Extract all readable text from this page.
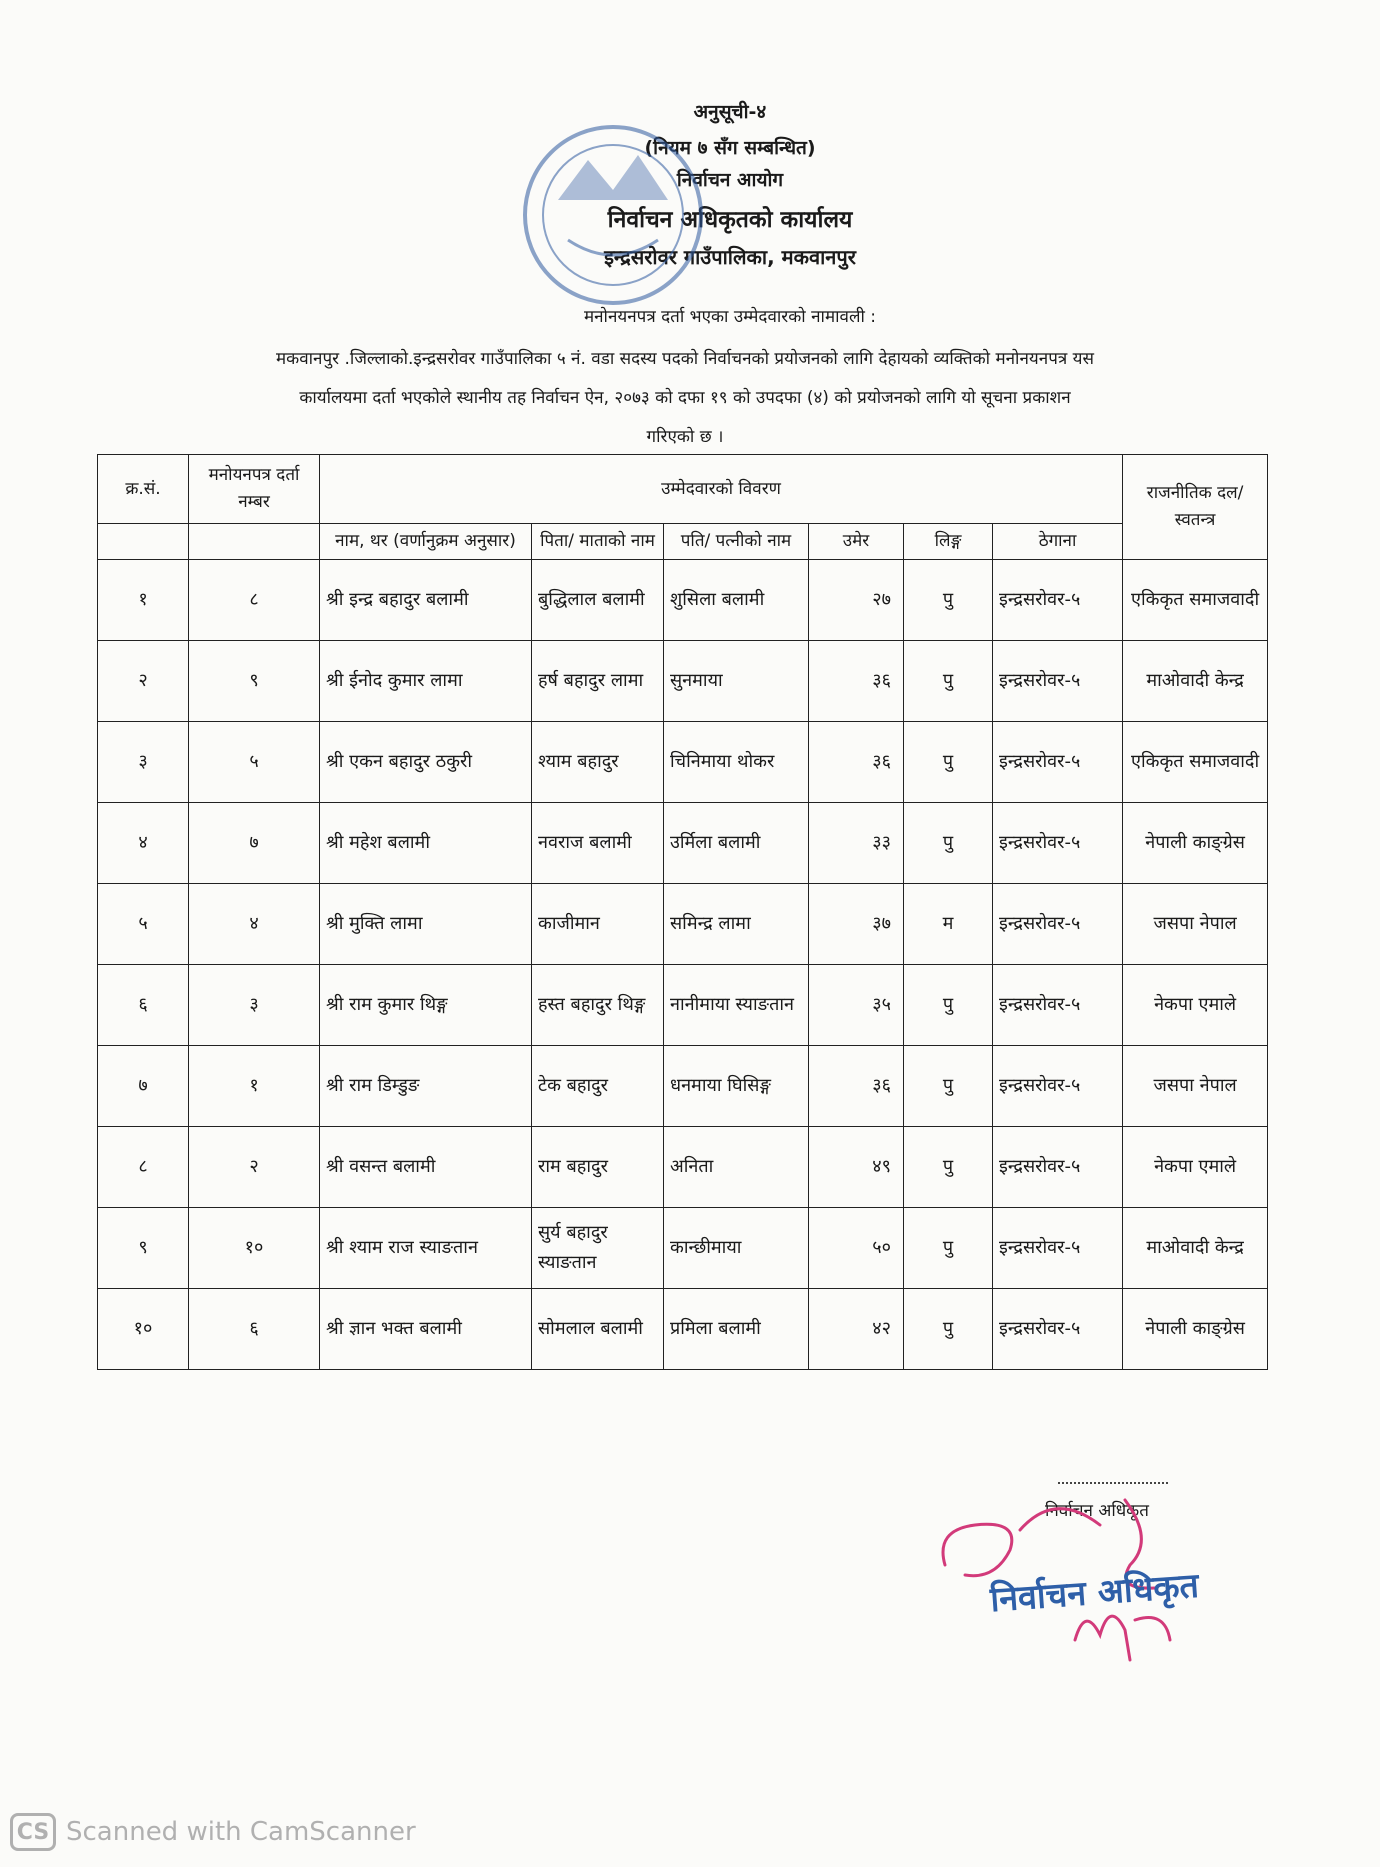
अनुसूची-४
(नियम ७ सँग सम्बन्धित)
निर्वाचन आयोग
निर्वाचन अधिकृतको कार्यालय
इन्द्रसरोवर गाउँपालिका, मकवानपुर
मनोनयनपत्र दर्ता भएका उम्मेदवारको नामावली :
मकवानपुर .जिल्लाको.इन्द्रसरोवर गाउँपालिका ५ नं. वडा सदस्य पदको निर्वाचनको प्रयोजनको लागि देहायको व्यक्तिको मनोनयनपत्र यस
कार्यालयमा दर्ता भएकोले स्थानीय तह निर्वाचन ऐन, २०७३ को दफा १९ को उपदफा (४) को प्रयोजनको लागि यो सूचना प्रकाशन
गरिएको छ ।
क्र.सं.	मनोयनपत्र दर्ता नम्बर	उम्मेदवारको विवरण						राजनीतिक दल/स्वतन्त्र
		नाम, थर (वर्णानुक्रम अनुसार)	पिता/ माताको नाम	पति/ पत्नीको नाम	उमेर	लिङ्ग	ठेगाना	
१	८	श्री इन्द्र बहादुर बलामी	बुद्धिलाल बलामी	शुसिला बलामी	२७	पु	इन्द्रसरोवर-५	एकिकृत समाजवादी
२	९	श्री ईनोद कुमार लामा	हर्ष बहादुर लामा	सुनमाया	३६	पु	इन्द्रसरोवर-५	माओवादी केन्द्र
३	५	श्री एकन बहादुर ठकुरी	श्याम बहादुर	चिनिमाया थोकर	३६	पु	इन्द्रसरोवर-५	एकिकृत समाजवादी
४	७	श्री महेश बलामी	नवराज बलामी	उर्मिला बलामी	३३	पु	इन्द्रसरोवर-५	नेपाली काङ्ग्रेस
५	४	श्री मुक्ति लामा	काजीमान	समिन्द्र लामा	३७	म	इन्द्रसरोवर-५	जसपा नेपाल
६	३	श्री राम कुमार थिङ्ग	हस्त बहादुर थिङ्ग	नानीमाया स्याङतान	३५	पु	इन्द्रसरोवर-५	नेकपा एमाले
७	१	श्री राम डिम्डुङ	टेक बहादुर	धनमाया घिसिङ्ग	३६	पु	इन्द्रसरोवर-५	जसपा नेपाल
८	२	श्री वसन्त बलामी	राम बहादुर	अनिता	४९	पु	इन्द्रसरोवर-५	नेकपा एमाले
९	१०	श्री श्याम राज स्याङतान	सुर्य बहादुर स्याङतान	कान्छीमाया	५०	पु	इन्द्रसरोवर-५	माओवादी केन्द्र
१०	६	श्री ज्ञान भक्त बलामी	सोमलाल बलामी	प्रमिला बलामी	४२	पु	इन्द्रसरोवर-५	नेपाली काङ्ग्रेस
निर्वाचन अधिकृत
निर्वाचन अधिकृत
CS Scanned with CamScanner
